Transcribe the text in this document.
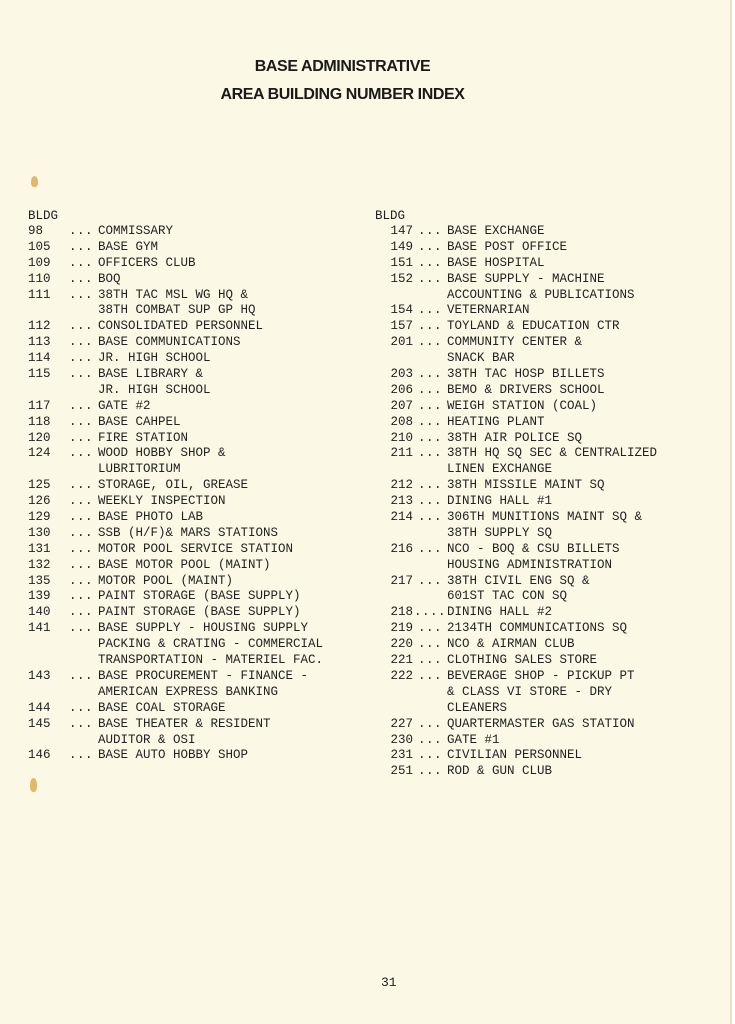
BASE ADMINISTRATIVE
AREA BUILDING NUMBER INDEX
BLDG
98 ... COMMISSARY
105 ... BASE GYM
109 ... OFFICERS CLUB
110 ... BOQ
111 ... 38TH TAC MSL WG HQ &
38TH COMBAT SUP GP HQ
112 ... CONSOLIDATED PERSONNEL
113 ... BASE COMMUNICATIONS
114 ... JR. HIGH SCHOOL
115 ... BASE LIBRARY &
JR. HIGH SCHOOL
117 ... GATE #2
118 ... BASE CAHPEL
120 ... FIRE STATION
124 ... WOOD HOBBY SHOP &
LUBRITORIUM
125 ... STORAGE, OIL, GREASE
126 ... WEEKLY INSPECTION
129 ... BASE PHOTO LAB
130 ... SSB (H/F)& MARS STATIONS
131 ... MOTOR POOL SERVICE STATION
132 ... BASE MOTOR POOL (MAINT)
135 ... MOTOR POOL (MAINT)
139 ... PAINT STORAGE (BASE SUPPLY)
140 ... PAINT STORAGE (BASE SUPPLY)
141 ... BASE SUPPLY - HOUSING SUPPLY
PACKING & CRATING - COMMERCIAL
TRANSPORTATION - MATERIEL FAC.
143 ... BASE PROCUREMENT - FINANCE -
AMERICAN EXPRESS BANKING
144 ... BASE COAL STORAGE
145 ... BASE THEATER & RESIDENT
AUDITOR & OSI
146 ... BASE AUTO HOBBY SHOP
BLDG
147 ... BASE EXCHANGE
149 ... BASE POST OFFICE
151 ... BASE HOSPITAL
152 ... BASE SUPPLY - MACHINE
ACCOUNTING & PUBLICATIONS
154 ... VETERNARIAN
157 ... TOYLAND & EDUCATION CTR
201 ... COMMUNITY CENTER &
SNACK BAR
203 ... 38TH TAC HOSP BILLETS
206 ... BEMO & DRIVERS SCHOOL
207 ... WEIGH STATION (COAL)
208 ... HEATING PLANT
210 ... 38TH AIR POLICE SQ
211 ... 38TH HQ SQ SEC & CENTRALIZED
LINEN EXCHANGE
212 ... 38TH MISSILE MAINT SQ
213 ... DINING HALL #1
214 ... 306TH MUNITIONS MAINT SQ &
38TH SUPPLY SQ
216 ... NCO - BOQ & CSU BILLETS
HOUSING ADMINISTRATION
217 ... 38TH CIVIL ENG SQ &
601ST TAC CON SQ
218....DINING HALL #2
219 ... 2134TH COMMUNICATIONS SQ
220 ... NCO & AIRMAN CLUB
221 ... CLOTHING SALES STORE
222 ... BEVERAGE SHOP - PICKUP PT
& CLASS VI STORE - DRY
CLEANERS
227 ... QUARTERMASTER GAS STATION
230 ... GATE #1
231 ... CIVILIAN PERSONNEL
251 ... ROD & GUN CLUB
31
